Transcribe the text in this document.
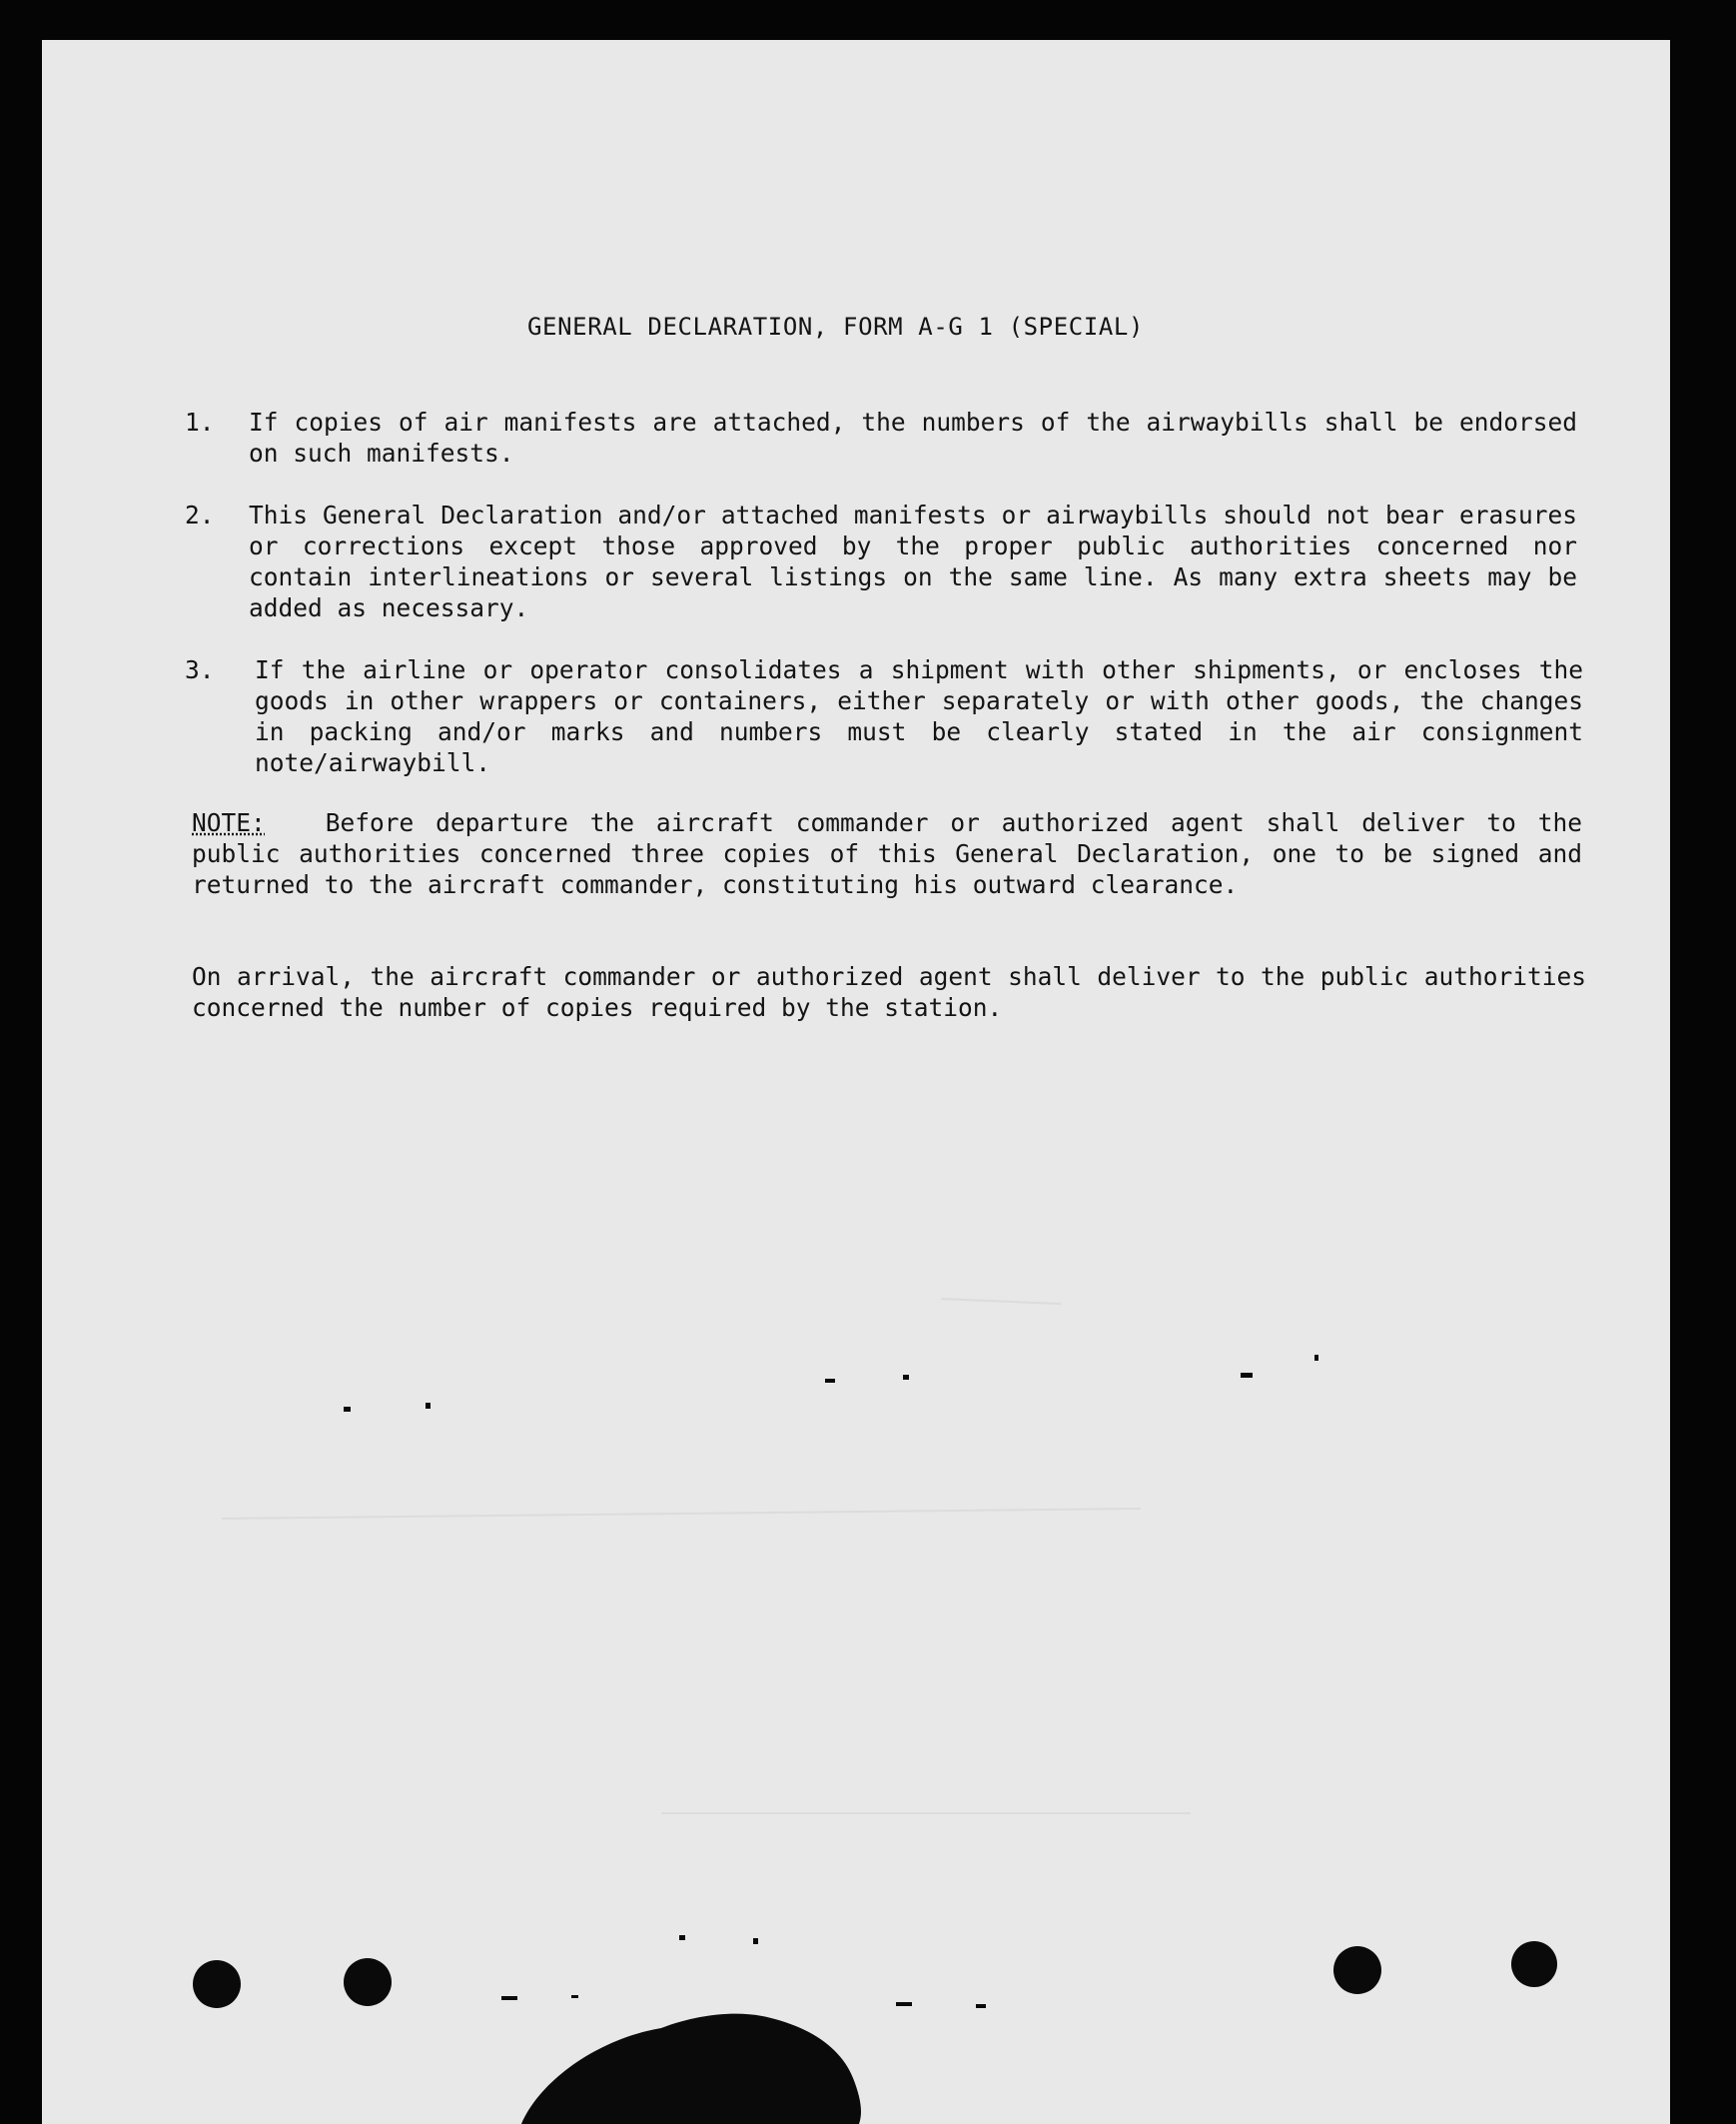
GENERAL DECLARATION, FORM A-G 1 (SPECIAL)
1. If copies of air manifests are attached, the numbers of the airwaybills shall be endorsed on such manifests.
2. This General Declaration and/or attached manifests or airwaybills should not bear erasures or corrections except those approved by the proper public authorities concerned nor contain interlineations or several listings on the same line. As many extra sheets may be added as necessary.
3. If the airline or operator consolidates a shipment with other shipments, or encloses the goods in other wrappers or containers, either separately or with other goods, the changes in packing and/or marks and numbers must be clearly stated in the air consignment note/airwaybill.
NOTE: Before departure the aircraft commander or authorized agent shall deliver to the public authorities concerned three copies of this General Declaration, one to be signed and returned to the aircraft commander, constituting his outward clearance.
On arrival, the aircraft commander or authorized agent shall deliver to the public authorities concerned the number of copies required by the station.
